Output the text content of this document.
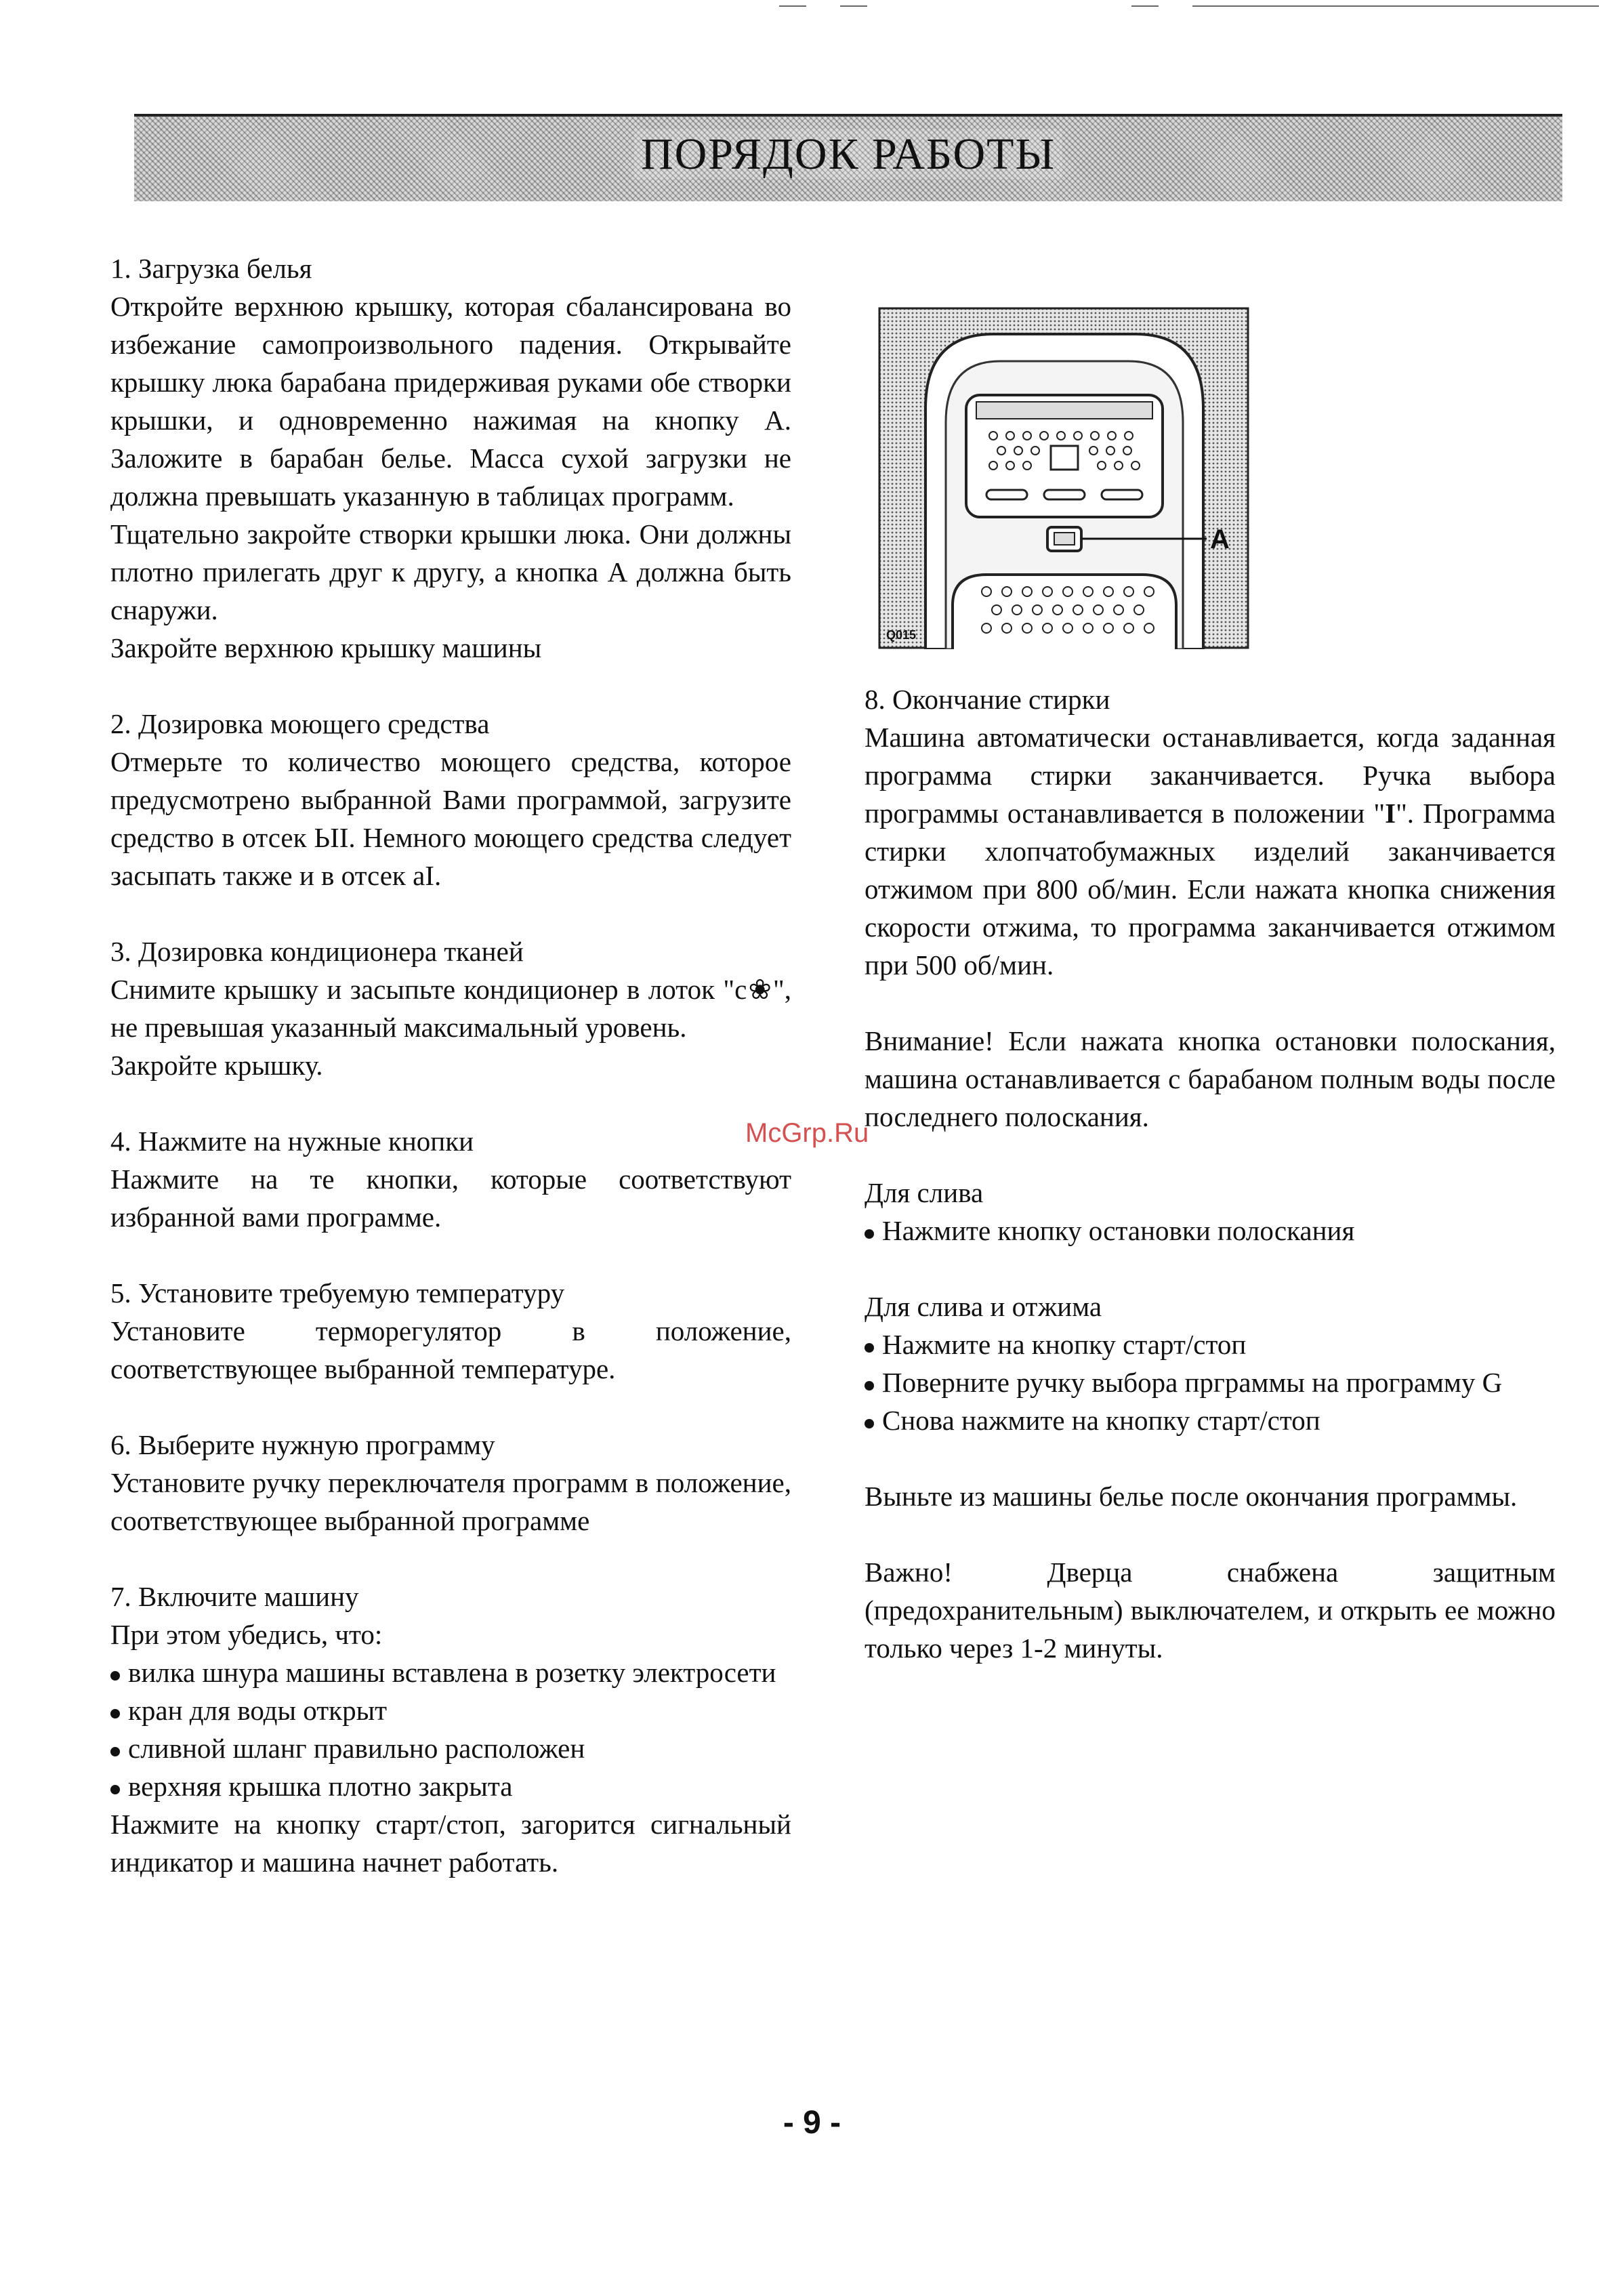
ПОРЯДОК РАБОТЫ

1. Загрузка белья

Откройте верхнюю крышку, которая сбалансирована во избежание самопроизвольного падения. Открывайте крышку люка барабана придерживая руками обе створки крышки, и одновременно нажимая на кнопку А. Заложите в барабан белье. Масса сухой загрузки не должна превышать указанную в таблицах программ.

Тщательно закройте створки крышки люка. Они должны плотно прилегать друг к другу, а кнопка А должна быть снаружи.

Закройте верхнюю крышку машины

2. Дозировка моющего средства

Отмерьте то количество моющего средства, которое предусмотрено выбранной Вами программой, загрузите средство в отсек ЬII. Немного моющего средства следует засыпать также и в отсек aI.

3. Дозировка кондиционера тканей

Снимите крышку и засыпьте кондиционер в лоток "с❀", не превышая указанный максимальный уровень.

Закройте крышку.

4. Нажмите на нужные кнопки

Нажмите на те кнопки, которые соответствуют избранной вами программе.

5. Установите требуемую температуру

Установите терморегулятор в положение, соответствующее выбранной температуре.

6. Выберите нужную программу

Установите ручку переключателя программ в положение, соответствующее выбранной программе

7. Включите машину

При этом убедись, что:

вилка шнура машины вставлена в розетку электросети

кран для воды открыт

сливной шланг правильно расположен

верхняя крышка плотно закрыта

Нажмите на кнопку старт/стоп, загорится сигнальный индикатор и машина начнет работать.

A
Q015

8. Окончание стирки

Машина автоматически останавливается, когда заданная программа стирки заканчивается. Ручка выбора программы останавливается в положении "I". Программа стирки хлопчатобумажных изделий заканчивается отжимом при 800 об/мин. Если нажата кнопка снижения скорости отжима, то программа заканчивается отжимом при 500 об/мин.

Внимание! Если нажата кнопка остановки полоскания, машина останавливается с барабаном полным воды после последнего полоскания.

Для слива

Нажмите кнопку остановки полоскания

Для слива и отжима

Нажмите на кнопку старт/стоп

Поверните ручку выбора прграммы на программу G

Снова нажмите на кнопку старт/стоп

Выньте из машины белье после окончания программы.

Важно! Дверца снабжена защитным (предохранительным) выключателем, и открыть ее можно только через 1-2 минуты.

McGrp.Ru
- 9 -
